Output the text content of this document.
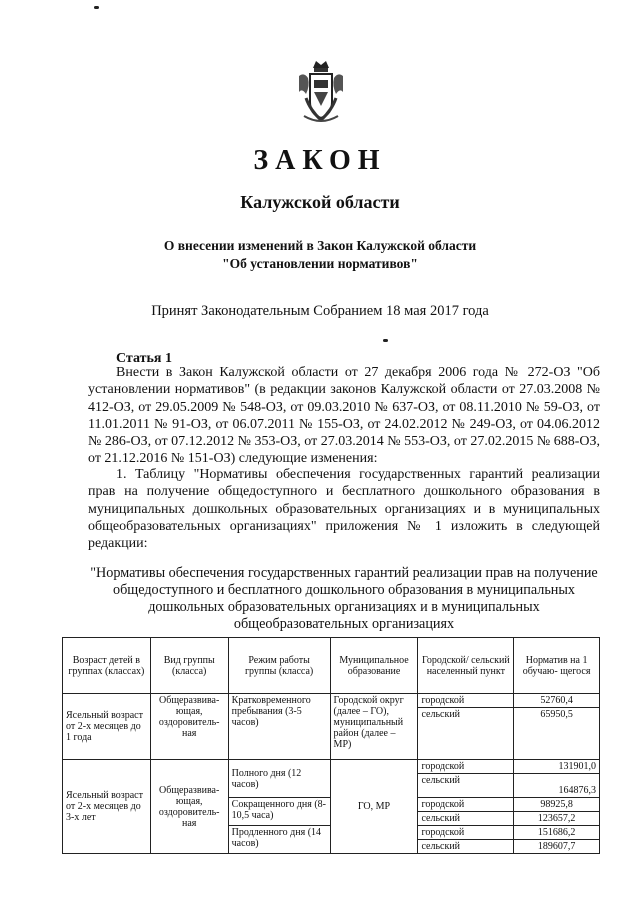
ЗАКОН
Калужской области
О внесении изменений в Закон Калужской области
"Об установлении нормативов"
Принят Законодательным Собранием 18 мая 2017 года
Статья 1
Внести в Закон Калужской области от 27 декабря 2006 года № 272-ОЗ "Об установлении нормативов" (в редакции законов Калужской области от 27.03.2008 № 412-ОЗ, от 29.05.2009 № 548-ОЗ, от 09.03.2010 № 637-ОЗ, от 08.11.2010 № 59-ОЗ, от 11.01.2011 № 91-ОЗ, от 06.07.2011 № 155-ОЗ, от 24.02.2012 № 249-ОЗ, от 04.06.2012 № 286-ОЗ, от 07.12.2012 № 353-ОЗ, от 27.03.2014 № 553-ОЗ, от 27.02.2015 № 688-ОЗ, от 21.12.2016 № 151-ОЗ) следующие изменения:
1. Таблицу "Нормативы обеспечения государственных гарантий реализации прав на получение общедоступного и бесплатного дошкольного образования в муниципальных дошкольных образовательных организациях и в муниципальных общеобразовательных организациях" приложения № 1 изложить в следующей редакции:
"Нормативы обеспечения государственных гарантий реализации прав на получение общедоступного и бесплатного дошкольного образования в муниципальных дошкольных образовательных организациях и в муниципальных общеобразовательных организациях
Возраст детей в группах (классах)	Вид группы (класса)	Режим работы группы (класса)	Муниципальное образование	Городской/ сельский населенный пункт	Норматив на 1 обучаю- щегося
Ясельный возраст от 2-х месяцев до 1 года	Общеразвива- ющая, оздоровитель- ная	Кратковременного пребывания (3-5 часов)	Городской округ (далее – ГО), муниципальный район (далее – МР)	городской	52760,4
				сельский	65950,5
Ясельный возраст от 2-х месяцев до 3-х лет	Общеразвива- ющая, оздоровитель- ная	Полного дня (12 часов)	ГО, МР	городской	131901,0
				сельский	164876,3
		Сокращенного дня (8-10,5 часа)		городской	98925,8
				сельский	123657,2
		Продленного дня (14 часов)		городской	151686,2
				сельский	189607,7
